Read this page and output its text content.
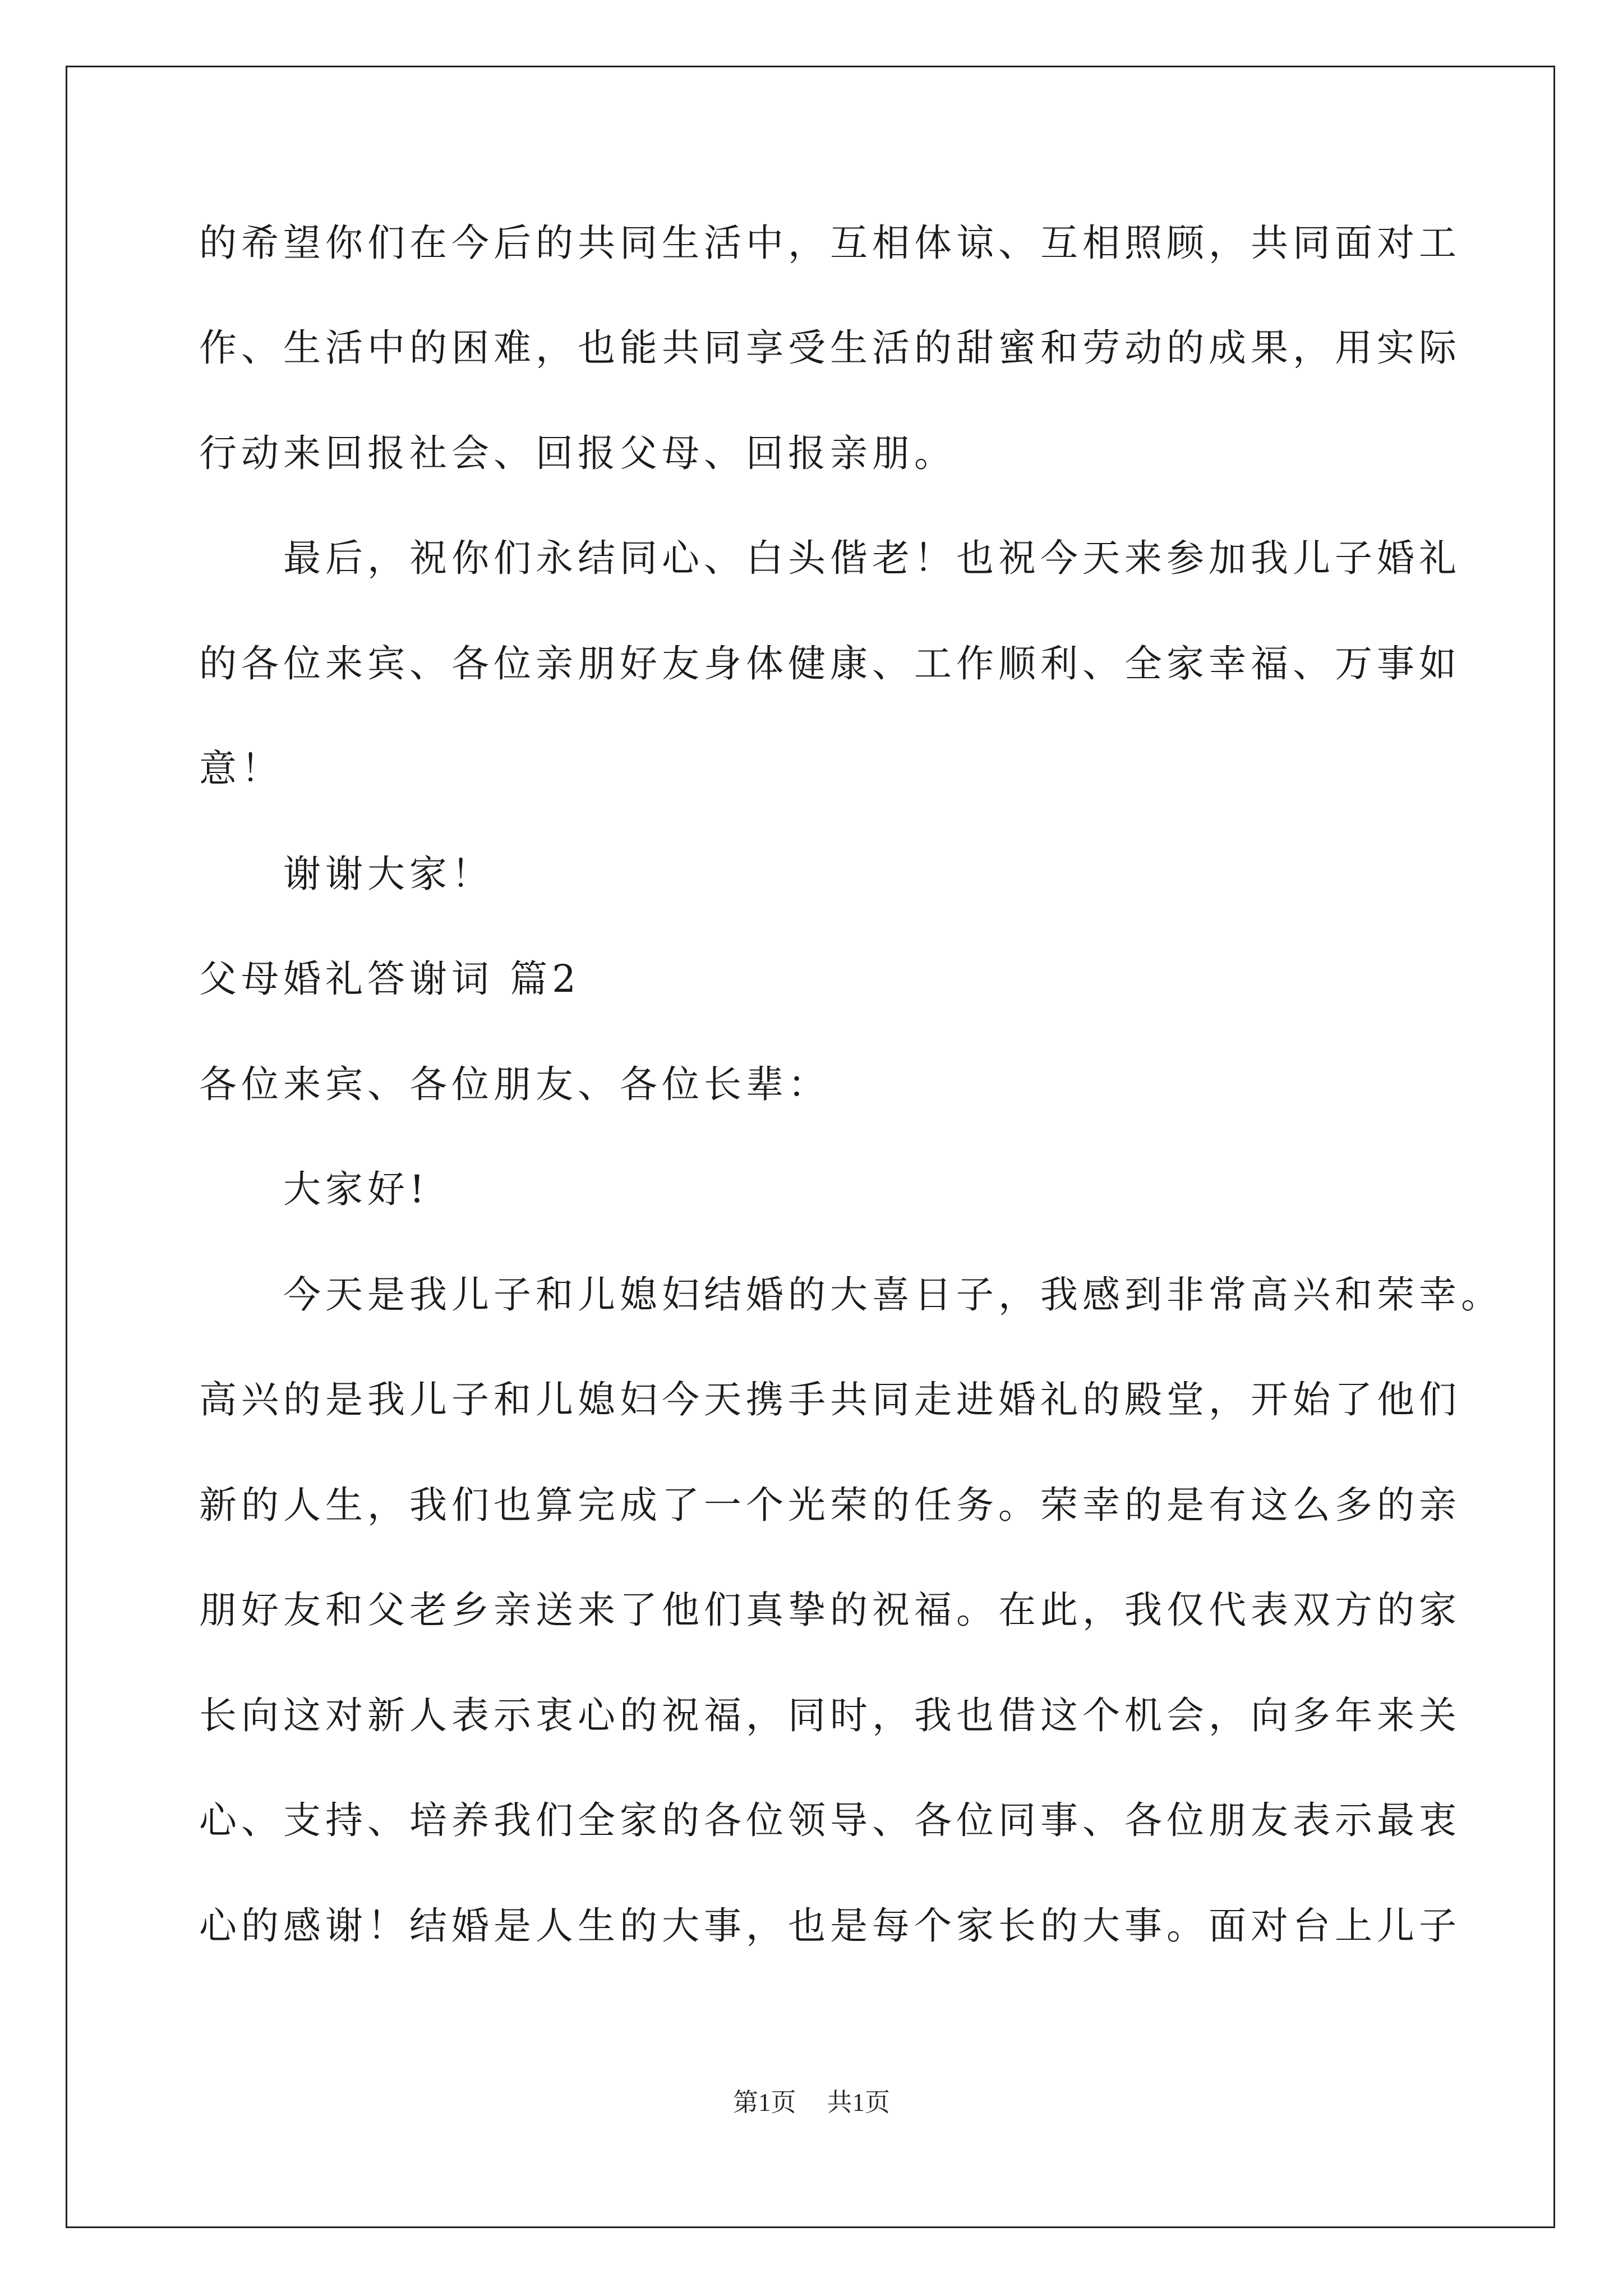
的希望你们在今后的共同生活中，互相体谅、互相照顾，共同面对工
作、生活中的困难，也能共同享受生活的甜蜜和劳动的成果，用实际
行动来回报社会、回报父母、回报亲朋。
最后，祝你们永结同心、白头偕老！也祝今天来参加我儿子婚礼
的各位来宾、各位亲朋好友身体健康、工作顺利、全家幸福、万事如
意！
谢谢大家！
父母婚礼答谢词 篇2
各位来宾、各位朋友、各位长辈：
大家好!
今天是我儿子和儿媳妇结婚的大喜日子，我感到非常高兴和荣幸。
高兴的是我儿子和儿媳妇今天携手共同走进婚礼的殿堂，开始了他们
新的人生，我们也算完成了一个光荣的任务。荣幸的是有这么多的亲
朋好友和父老乡亲送来了他们真挚的祝福。在此，我仅代表双方的家
长向这对新人表示衷心的祝福，同时，我也借这个机会，向多年来关
心、支持、培养我们全家的各位领导、各位同事、各位朋友表示最衷
心的感谢！结婚是人生的大事，也是每个家长的大事。面对台上儿子
第1页 共1页
